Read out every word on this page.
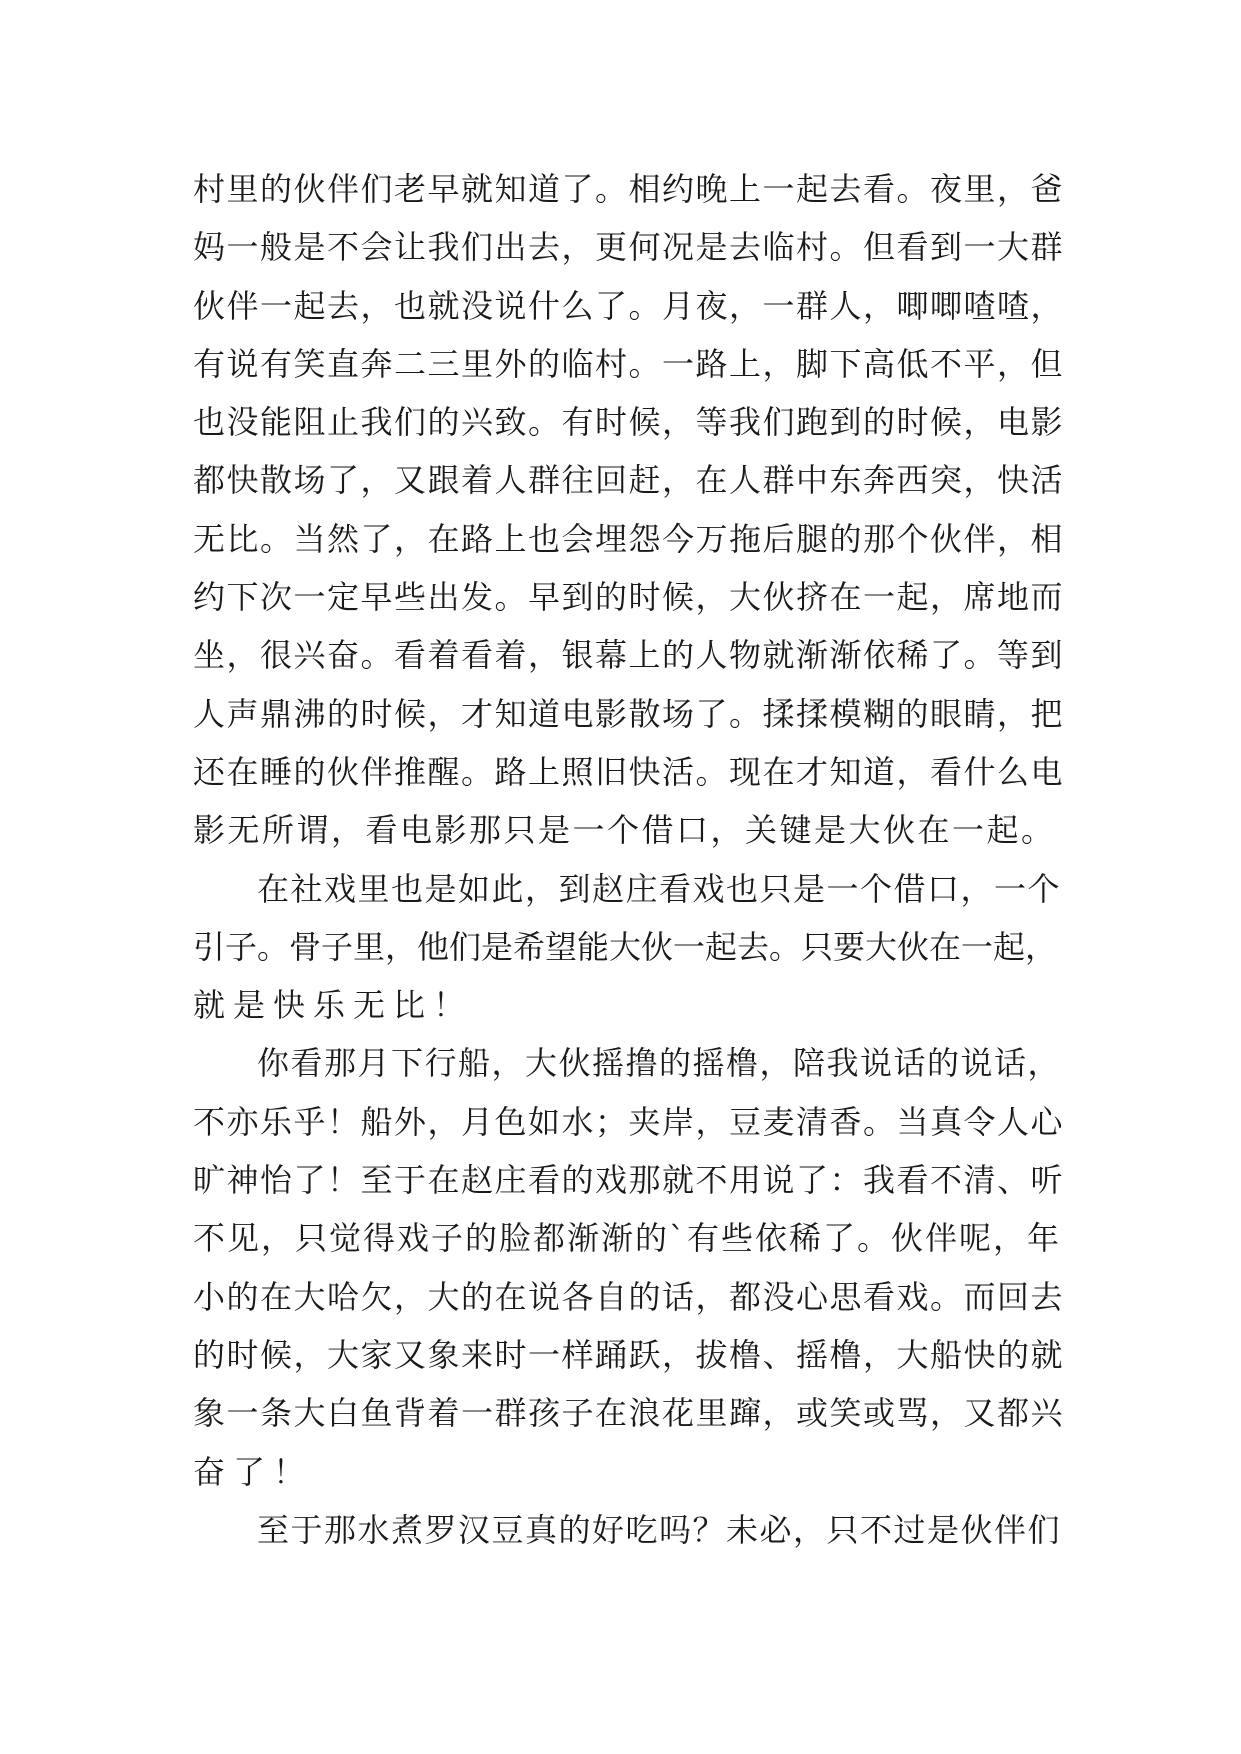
村里的伙伴们老早就知道了。相约晚上一起去看。夜里，爸
妈一般是不会让我们出去，更何况是去临村。但看到一大群
伙伴一起去，也就没说什么了。月夜，一群人，唧唧喳喳，
有说有笑直奔二三里外的临村。一路上，脚下高低不平，但
也没能阻止我们的兴致。有时候，等我们跑到的时候，电影
都快散场了，又跟着人群往回赶，在人群中东奔西突，快活
无比。当然了，在路上也会埋怨今万拖后腿的那个伙伴，相
约下次一定早些出发。早到的时候，大伙挤在一起，席地而
坐，很兴奋。看着看着，银幕上的人物就渐渐依稀了。等到
人声鼎沸的时候，才知道电影散场了。揉揉模糊的眼睛，把
还在睡的伙伴推醒。路上照旧快活。现在才知道，看什么电
影无所谓，看电影那只是一个借口，关键是大伙在一起。
在社戏里也是如此，到赵庄看戏也只是一个借口，一个
引子。骨子里，他们是希望能大伙一起去。只要大伙在一起，
就是快乐无比！
你看那月下行船，大伙摇撸的摇橹，陪我说话的说话，
不亦乐乎！船外，月色如水；夹岸，豆麦清香。当真令人心
旷神怡了！至于在赵庄看的戏那就不用说了：我看不清、听
不见，只觉得戏子的脸都渐渐的`有些依稀了。伙伴呢，年
小的在大哈欠，大的在说各自的话，都没心思看戏。而回去
的时候，大家又象来时一样踊跃，拔橹、摇橹，大船快的就
象一条大白鱼背着一群孩子在浪花里蹿，或笑或骂，又都兴
奋了！
至于那水煮罗汉豆真的好吃吗？未必，只不过是伙伴们
